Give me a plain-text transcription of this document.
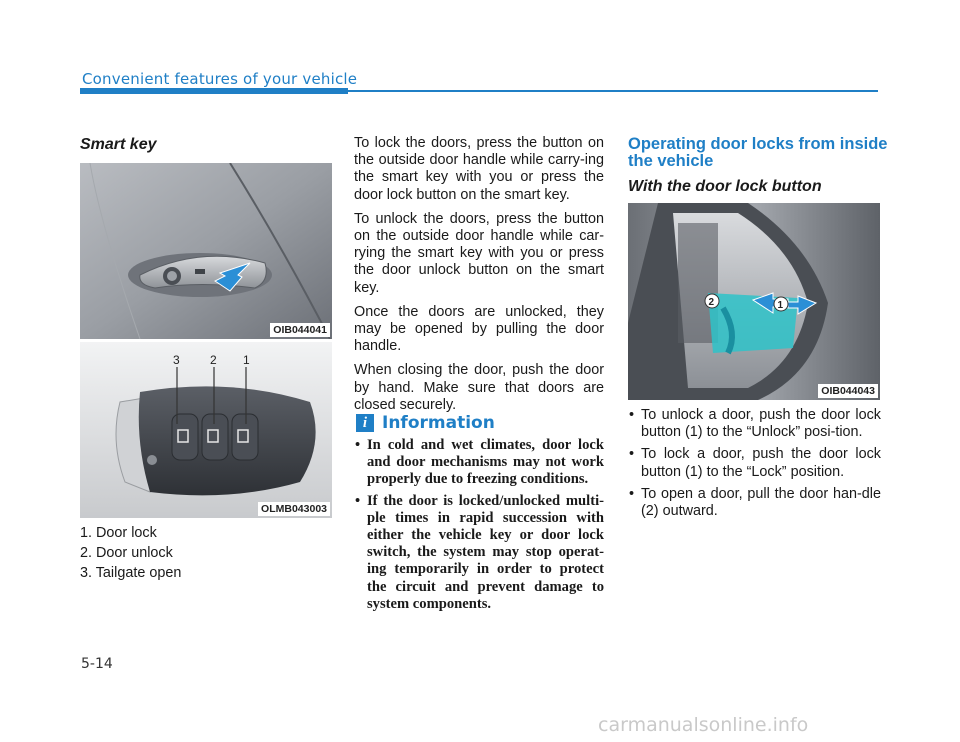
Convenient features of your vehicle
Smart key
OIB044041
3	2 1
OLMB043003
1. Door lock
2. Door unlock
3. Tailgate open

To lock the doors, press the button on the outside door handle while carry-ing the smart key with you or press the door lock button on the smart key.

To unlock the doors, press the button on the outside door handle while car-rying the smart key with you or press the door unlock button on the smart key.

Once the doors are unlocked, they may be opened by pulling the door handle.

When closing the door, push the door by hand. Make sure that doors are closed securely.

i Information
• In cold and wet climates, door lock and door mechanisms may not work properly due to freezing conditions.
• If the door is locked/unlocked multi-ple times in rapid succession with either the vehicle key or door lock switch, the system may stop operat-ing temporarily in order to protect the circuit and prevent damage to system components.
Operating door locks from inside
the vehicle
With the door lock button
2	1
OIB044043
• To unlock a door, push the door lock button (1) to the “Unlock” posi-tion.
• To lock a door, push the door lock button (1) to the “Lock” position.
• To open a door, pull the door han-dle (2) outward.
5-14
carmanualsonline.info
